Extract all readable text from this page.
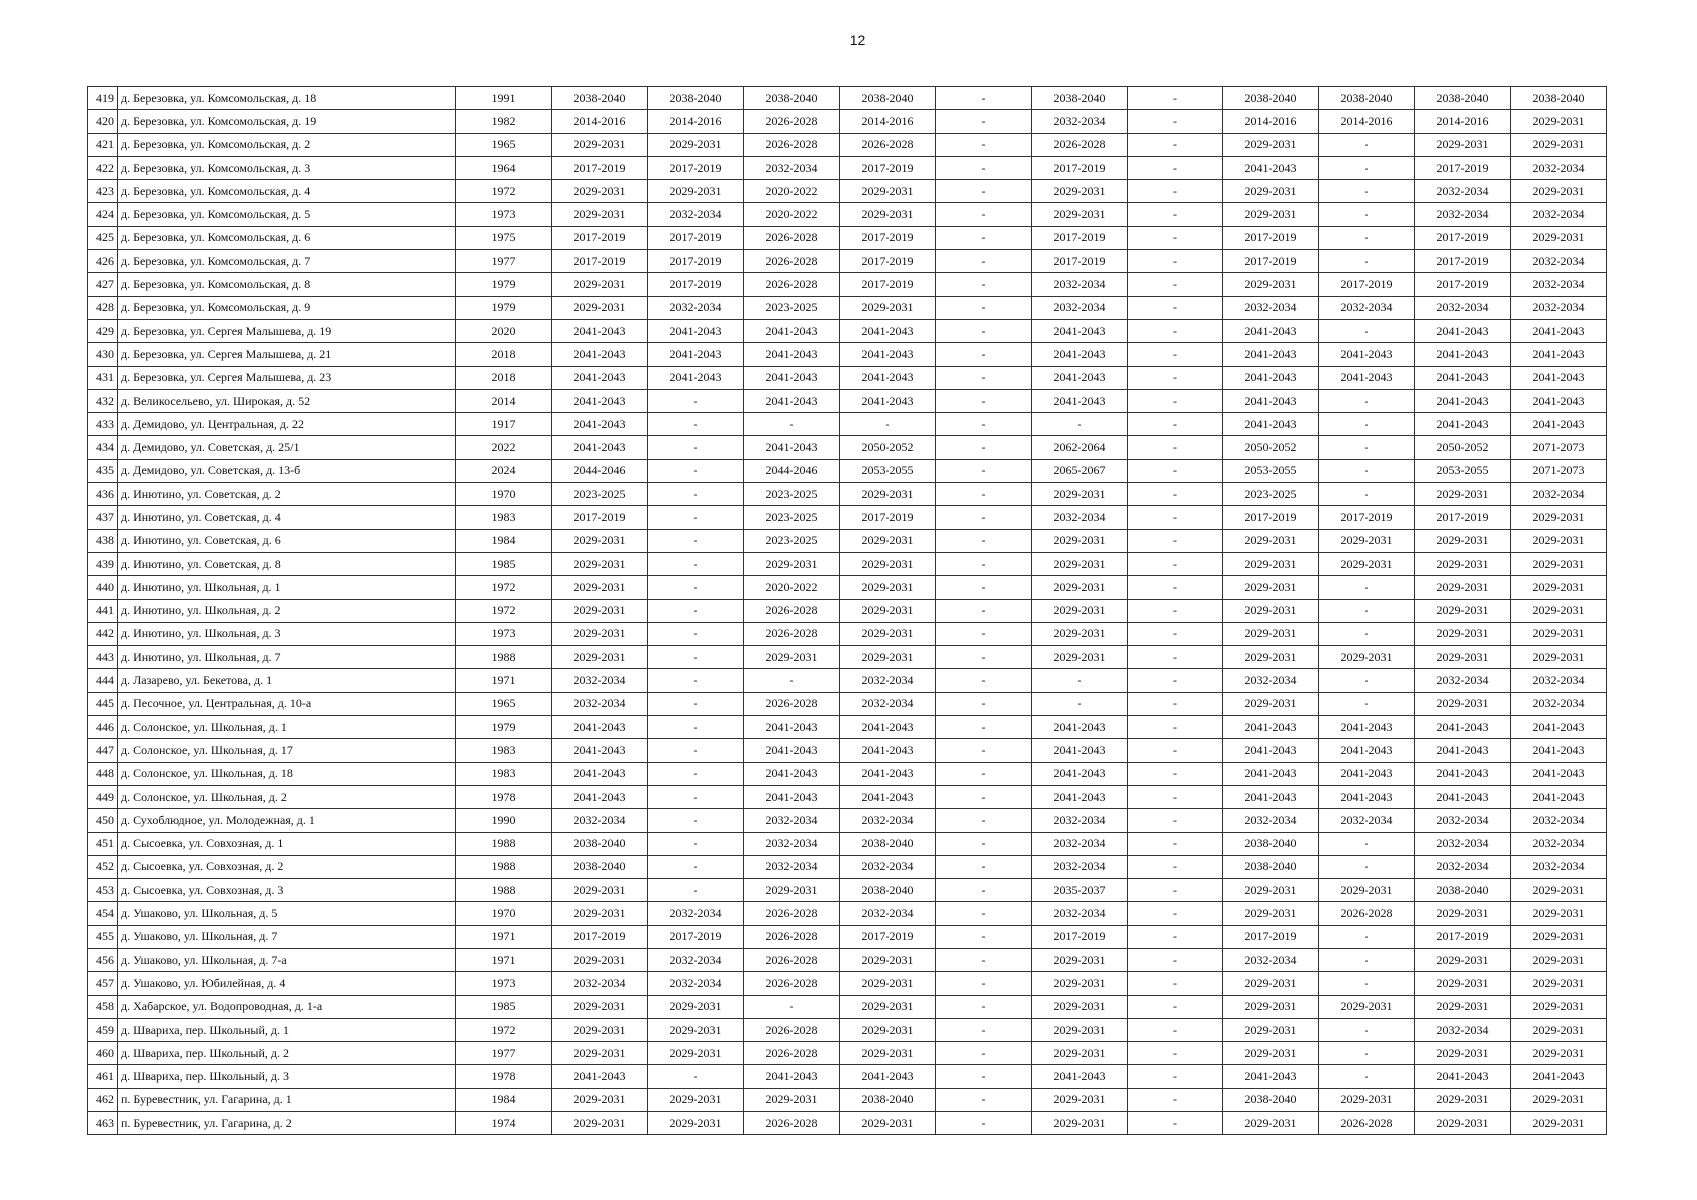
12
419	д. Березовка, ул. Комсомольская, д. 18	1991	2038-2040	2038-2040	2038-2040	2038-2040	-	2038-2040	-	2038-2040	2038-2040	2038-2040	2038-2040
420	д. Березовка, ул. Комсомольская, д. 19	1982	2014-2016	2014-2016	2026-2028	2014-2016	-	2032-2034	-	2014-2016	2014-2016	2014-2016	2029-2031
421	д. Березовка, ул. Комсомольская, д. 2	1965	2029-2031	2029-2031	2026-2028	2026-2028	-	2026-2028	-	2029-2031	-	2029-2031	2029-2031
422	д. Березовка, ул. Комсомольская, д. 3	1964	2017-2019	2017-2019	2032-2034	2017-2019	-	2017-2019	-	2041-2043	-	2017-2019	2032-2034
423	д. Березовка, ул. Комсомольская, д. 4	1972	2029-2031	2029-2031	2020-2022	2029-2031	-	2029-2031	-	2029-2031	-	2032-2034	2029-2031
424	д. Березовка, ул. Комсомольская, д. 5	1973	2029-2031	2032-2034	2020-2022	2029-2031	-	2029-2031	-	2029-2031	-	2032-2034	2032-2034
425	д. Березовка, ул. Комсомольская, д. 6	1975	2017-2019	2017-2019	2026-2028	2017-2019	-	2017-2019	-	2017-2019	-	2017-2019	2029-2031
426	д. Березовка, ул. Комсомольская, д. 7	1977	2017-2019	2017-2019	2026-2028	2017-2019	-	2017-2019	-	2017-2019	-	2017-2019	2032-2034
427	д. Березовка, ул. Комсомольская, д. 8	1979	2029-2031	2017-2019	2026-2028	2017-2019	-	2032-2034	-	2029-2031	2017-2019	2017-2019	2032-2034
428	д. Березовка, ул. Комсомольская, д. 9	1979	2029-2031	2032-2034	2023-2025	2029-2031	-	2032-2034	-	2032-2034	2032-2034	2032-2034	2032-2034
429	д. Березовка, ул. Сергея Малышева, д. 19	2020	2041-2043	2041-2043	2041-2043	2041-2043	-	2041-2043	-	2041-2043	-	2041-2043	2041-2043
430	д. Березовка, ул. Сергея Малышева, д. 21	2018	2041-2043	2041-2043	2041-2043	2041-2043	-	2041-2043	-	2041-2043	2041-2043	2041-2043	2041-2043
431	д. Березовка, ул. Сергея Малышева, д. 23	2018	2041-2043	2041-2043	2041-2043	2041-2043	-	2041-2043	-	2041-2043	2041-2043	2041-2043	2041-2043
432	д. Великосельево, ул. Широкая, д. 52	2014	2041-2043	-	2041-2043	2041-2043	-	2041-2043	-	2041-2043	-	2041-2043	2041-2043
433	д. Демидово, ул. Центральная, д. 22	1917	2041-2043	-	-	-	-	-	-	2041-2043	-	2041-2043	2041-2043
434	д. Демидово, ул. Советская, д. 25/1	2022	2041-2043	-	2041-2043	2050-2052	-	2062-2064	-	2050-2052	-	2050-2052	2071-2073
435	д. Демидово, ул. Советская, д. 13-б	2024	2044-2046	-	2044-2046	2053-2055	-	2065-2067	-	2053-2055	-	2053-2055	2071-2073
436	д. Инютино, ул. Советская, д. 2	1970	2023-2025	-	2023-2025	2029-2031	-	2029-2031	-	2023-2025	-	2029-2031	2032-2034
437	д. Инютино, ул. Советская, д. 4	1983	2017-2019	-	2023-2025	2017-2019	-	2032-2034	-	2017-2019	2017-2019	2017-2019	2029-2031
438	д. Инютино, ул. Советская, д. 6	1984	2029-2031	-	2023-2025	2029-2031	-	2029-2031	-	2029-2031	2029-2031	2029-2031	2029-2031
439	д. Инютино, ул. Советская, д. 8	1985	2029-2031	-	2029-2031	2029-2031	-	2029-2031	-	2029-2031	2029-2031	2029-2031	2029-2031
440	д. Инютино, ул. Школьная, д. 1	1972	2029-2031	-	2020-2022	2029-2031	-	2029-2031	-	2029-2031	-	2029-2031	2029-2031
441	д. Инютино, ул. Школьная, д. 2	1972	2029-2031	-	2026-2028	2029-2031	-	2029-2031	-	2029-2031	-	2029-2031	2029-2031
442	д. Инютино, ул. Школьная, д. 3	1973	2029-2031	-	2026-2028	2029-2031	-	2029-2031	-	2029-2031	-	2029-2031	2029-2031
443	д. Инютино, ул. Школьная, д. 7	1988	2029-2031	-	2029-2031	2029-2031	-	2029-2031	-	2029-2031	2029-2031	2029-2031	2029-2031
444	д. Лазарево, ул. Бекетова, д. 1	1971	2032-2034	-	-	2032-2034	-	-	-	2032-2034	-	2032-2034	2032-2034
445	д. Песочное, ул. Центральная, д. 10-а	1965	2032-2034	-	2026-2028	2032-2034	-	-	-	2029-2031	-	2029-2031	2032-2034
446	д. Солонское, ул. Школьная, д. 1	1979	2041-2043	-	2041-2043	2041-2043	-	2041-2043	-	2041-2043	2041-2043	2041-2043	2041-2043
447	д. Солонское, ул. Школьная, д. 17	1983	2041-2043	-	2041-2043	2041-2043	-	2041-2043	-	2041-2043	2041-2043	2041-2043	2041-2043
448	д. Солонское, ул. Школьная, д. 18	1983	2041-2043	-	2041-2043	2041-2043	-	2041-2043	-	2041-2043	2041-2043	2041-2043	2041-2043
449	д. Солонское, ул. Школьная, д. 2	1978	2041-2043	-	2041-2043	2041-2043	-	2041-2043	-	2041-2043	2041-2043	2041-2043	2041-2043
450	д. Сухоблюдное, ул. Молодежная, д. 1	1990	2032-2034	-	2032-2034	2032-2034	-	2032-2034	-	2032-2034	2032-2034	2032-2034	2032-2034
451	д. Сысоевка, ул. Совхозная, д. 1	1988	2038-2040	-	2032-2034	2038-2040	-	2032-2034	-	2038-2040	-	2032-2034	2032-2034
452	д. Сысоевка, ул. Совхозная, д. 2	1988	2038-2040	-	2032-2034	2032-2034	-	2032-2034	-	2038-2040	-	2032-2034	2032-2034
453	д. Сысоевка, ул. Совхозная, д. 3	1988	2029-2031	-	2029-2031	2038-2040	-	2035-2037	-	2029-2031	2029-2031	2038-2040	2029-2031
454	д. Ушаково, ул. Школьная, д. 5	1970	2029-2031	2032-2034	2026-2028	2032-2034	-	2032-2034	-	2029-2031	2026-2028	2029-2031	2029-2031
455	д. Ушаково, ул. Школьная, д. 7	1971	2017-2019	2017-2019	2026-2028	2017-2019	-	2017-2019	-	2017-2019	-	2017-2019	2029-2031
456	д. Ушаково, ул. Школьная, д. 7-а	1971	2029-2031	2032-2034	2026-2028	2029-2031	-	2029-2031	-	2032-2034	-	2029-2031	2029-2031
457	д. Ушаково, ул. Юбилейная, д. 4	1973	2032-2034	2032-2034	2026-2028	2029-2031	-	2029-2031	-	2029-2031	-	2029-2031	2029-2031
458	д. Хабарское, ул. Водопроводная, д. 1-а	1985	2029-2031	2029-2031	-	2029-2031	-	2029-2031	-	2029-2031	2029-2031	2029-2031	2029-2031
459	д. Швариха, пер. Школьный, д. 1	1972	2029-2031	2029-2031	2026-2028	2029-2031	-	2029-2031	-	2029-2031	-	2032-2034	2029-2031
460	д. Швариха, пер. Школьный, д. 2	1977	2029-2031	2029-2031	2026-2028	2029-2031	-	2029-2031	-	2029-2031	-	2029-2031	2029-2031
461	д. Швариха, пер. Школьный, д. 3	1978	2041-2043	-	2041-2043	2041-2043	-	2041-2043	-	2041-2043	-	2041-2043	2041-2043
462	п. Буревестник, ул. Гагарина, д. 1	1984	2029-2031	2029-2031	2029-2031	2038-2040	-	2029-2031	-	2038-2040	2029-2031	2029-2031	2029-2031
463	п. Буревестник, ул. Гагарина, д. 2	1974	2029-2031	2029-2031	2026-2028	2029-2031	-	2029-2031	-	2029-2031	2026-2028	2029-2031	2029-2031
